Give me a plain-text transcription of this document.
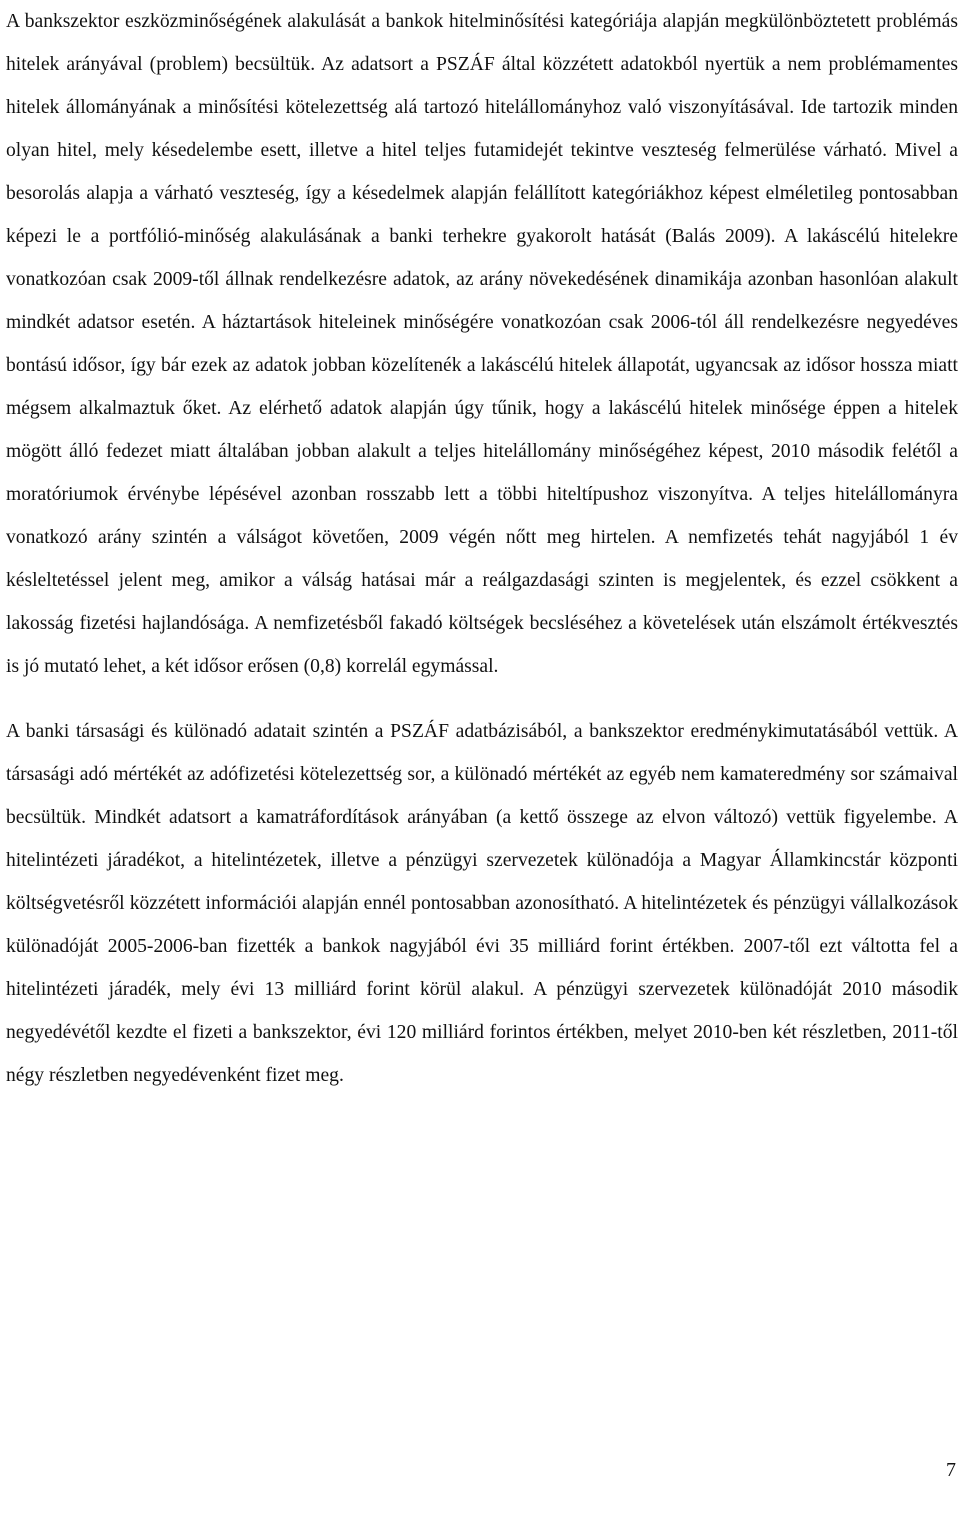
A bankszektor eszközminőségének alakulását a bankok hitelminősítési kategóriája alapján megkülönböztetett problémás hitelek arányával (problem) becsültük. Az adatsort a PSZÁF által közzétett adatokból nyertük a nem problémamentes hitelek állományának a minősítési kötelezettség alá tartozó hitelállományhoz való viszonyításával. Ide tartozik minden olyan hitel, mely késedelembe esett, illetve a hitel teljes futamidejét tekintve veszteség felmerülése várható. Mivel a besorolás alapja a várható veszteség, így a késedelmek alapján felállított kategóriákhoz képest elméletileg pontosabban képezi le a portfólió-minőség alakulásának a banki terhekre gyakorolt hatását (Balás 2009). A lakáscélú hitelekre vonatkozóan csak 2009-től állnak rendelkezésre adatok, az arány növekedésének dinamikája azonban hasonlóan alakult mindkét adatsor esetén. A háztartások hiteleinek minőségére vonatkozóan csak 2006-tól áll rendelkezésre negyedéves bontású idősor, így bár ezek az adatok jobban közelítenék a lakáscélú hitelek állapotát, ugyancsak az idősor hossza miatt mégsem alkalmaztuk őket. Az elérhető adatok alapján úgy tűnik, hogy a lakáscélú hitelek minősége éppen a hitelek mögött álló fedezet miatt általában jobban alakult a teljes hitelállomány minőségéhez képest, 2010 második felétől a moratóriumok érvénybe lépésével azonban rosszabb lett a többi hiteltípushoz viszonyítva. A teljes hitelállományra vonatkozó arány szintén a válságot követően, 2009 végén nőtt meg hirtelen. A nemfizetés tehát nagyjából 1 év késleltetéssel jelent meg, amikor a válság hatásai már a reálgazdasági szinten is megjelentek, és ezzel csökkent a lakosság fizetési hajlandósága. A nemfizetésből fakadó költségek becsléséhez a követelések után elszámolt értékvesztés is jó mutató lehet, a két idősor erősen (0,8) korrelál egymással.

A banki társasági és különadó adatait szintén a PSZÁF adatbázisából, a bankszektor eredménykimutatásából vettük. A társasági adó mértékét az adófizetési kötelezettség sor, a különadó mértékét az egyéb nem kamateredmény sor számaival becsültük. Mindkét adatsort a kamatráfordítások arányában (a kettő összege az elvon változó) vettük figyelembe. A hitelintézeti járadékot, a hitelintézetek, illetve a pénzügyi szervezetek különadója a Magyar Államkincstár központi költségvetésről közzétett információi alapján ennél pontosabban azonosítható. A hitelintézetek és pénzügyi vállalkozások különadóját 2005-2006-ban fizették a bankok nagyjából évi 35 milliárd forint értékben. 2007-től ezt váltotta fel a hitelintézeti járadék, mely évi 13 milliárd forint körül alakul. A pénzügyi szervezetek különadóját 2010 második negyedévétől kezdte el fizeti a bankszektor, évi 120 milliárd forintos értékben, melyet 2010-ben két részletben, 2011-től négy részletben negyedévenként fizet meg.

7
